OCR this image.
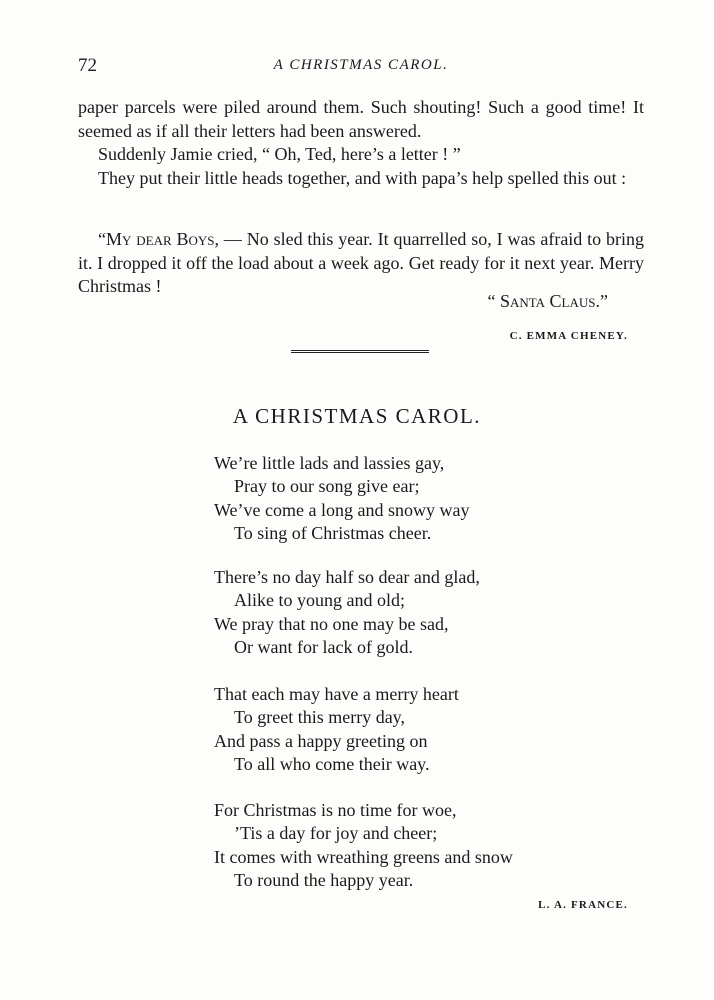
72	A CHRISTMAS CAROL.

paper parcels were piled around them. Such shouting! Such a good time! It seemed as if all their letters had been answered.

Suddenly Jamie cried, “ Oh, Ted, here’s a letter ! ”

They put their little heads together, and with papa’s help spelled this out :

“My dear Boys, — No sled this year. It quarrelled so, I was afraid to bring it. I dropped it off the load about a week ago. Get ready for it next year. Merry Christmas !

“ Santa Claus.”
C. EMMA CHENEY.
A CHRISTMAS CAROL.
We’re little lads and lassies gay,
Pray to our song give ear;
We’ve come a long and snowy way
To sing of Christmas cheer.
There’s no day half so dear and glad,
Alike to young and old;
We pray that no one may be sad,
Or want for lack of gold.
That each may have a merry heart
To greet this merry day,
And pass a happy greeting on
To all who come their way.
For Christmas is no time for woe,
’Tis a day for joy and cheer;
It comes with wreathing greens and snow
To round the happy year.
L. A. FRANCE.
